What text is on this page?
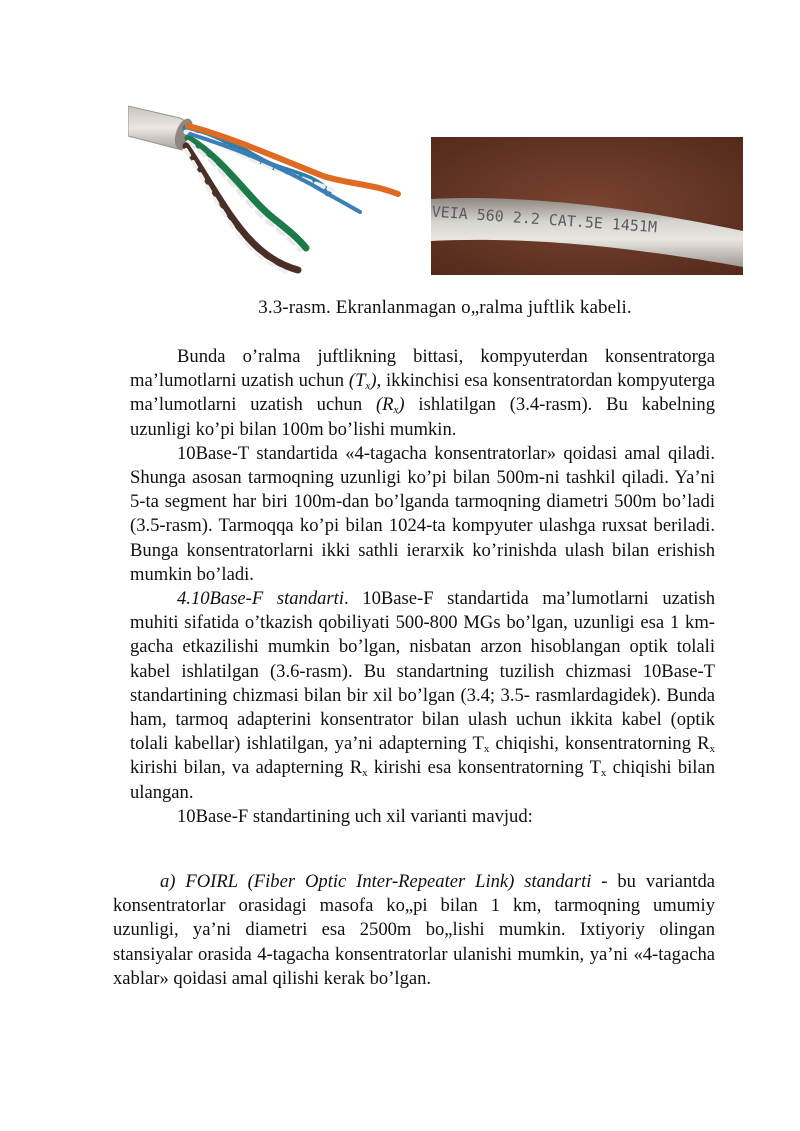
VEIA 560 2.2 CAT.5E 1451M
3.3-rasm. Ekranlanmagan o„ralma juftlik kabeli.

Bunda o’ralma juftlikning bittasi, kompyuterdan konsentratorga ma’lumotlarni uzatish uchun $(T_x)$, ikkinchisi esa konsentratordan kompyuterga ma’lumotlarni uzatish uchun $(R_x)$ ishlatilgan (3.4-rasm). Bu kabelning uzunligi ko’pi bilan 100m bo’lishi mumkin.

10Base-T standartida «4-tagacha konsentratorlar» qoidasi amal qiladi. Shunga asosan tarmoqning uzunligi ko’pi bilan 500m-ni tashkil qiladi. Ya’ni 5-ta segment har biri 100m-dan bo’lganda tarmoqning diametri 500m bo’ladi (3.5-rasm). Tarmoqqa ko’pi bilan 1024-ta kompyuter ulashga ruxsat beriladi. Bunga konsentratorlarni ikki sathli ierarxik ko’rinishda ulash bilan erishish mumkin bo’ladi.

4.10Base-F standarti. 10Base-F standartida ma’lumotlarni uzatish muhiti sifatida o’tkazish qobiliyati 500-800 MGs bo’lgan, uzunligi esa 1 km-gacha etkazilishi mumkin bo’lgan, nisbatan arzon hisoblangan optik tolali kabel ishlatilgan (3.6-rasm). Bu standartning tuzilish chizmasi 10Base-T standartining chizmasi bilan bir xil bo’lgan (3.4; 3.5- rasmlardagidek). Bunda ham, tarmoq adapterini konsentrator bilan ulash uchun ikkita kabel (optik tolali kabellar) ishlatilgan, ya’ni adapterning $T_x$ chiqishi, konsentratorning $R_x$ kirishi bilan, va adapterning $R_x$ kirishi esa konsentratorning $T_x$ chiqishi bilan ulangan.

10Base-F standartining uch xil varianti mavjud:

a) FOIRL (Fiber Optic Inter-Repeater Link) standarti - bu variantda konsentratorlar orasidagi masofa ko„pi bilan 1 km, tarmoqning umumiy uzunligi, ya’ni diametri esa 2500m bo„lishi mumkin. Ixtiyoriy olingan stansiyalar orasida 4-tagacha konsentratorlar ulanishi mumkin, ya’ni «4-tagacha xablar» qoidasi amal qilishi kerak bo’lgan.
